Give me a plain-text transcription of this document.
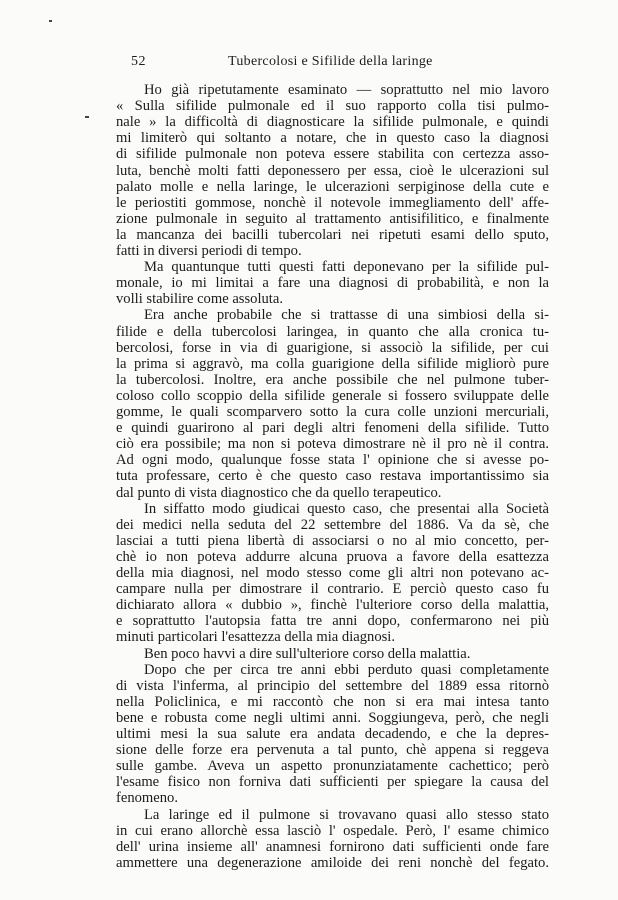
52	Tubercolosi e Sifilide della laringe
Ho già ripetutamente esaminato — soprattutto nel mio lavoro
« Sulla sifilide pulmonale ed il suo rapporto colla tisi pulmo-
nale » la difficoltà di diagnosticare la sifilide pulmonale, e quindi
mi limiterò qui soltanto a notare, che in questo caso la diagnosi
di sifilide pulmonale non poteva essere stabilita con certezza asso-
luta, benchè molti fatti deponessero per essa, cioè le ulcerazioni sul
palato molle e nella laringe, le ulcerazioni serpiginose della cute e
le periostiti gommose, nonchè il notevole immegliamento dell' affe-
zione pulmonale in seguito al trattamento antisifilitico, e finalmente
la mancanza dei bacilli tubercolari nei ripetuti esami dello sputo,
fatti in diversi periodi di tempo.
Ma quantunque tutti questi fatti deponevano per la sifilide pul-
monale, io mi limitai a fare una diagnosi di probabilità, e non la
volli stabilire come assoluta.
Era anche probabile che si trattasse di una simbiosi della si-
filide e della tubercolosi laringea, in quanto che alla cronica tu-
bercolosi, forse in via di guarigione, si associò la sifilide, per cui
la prima si aggravò, ma colla guarigione della sifilide migliorò pure
la tubercolosi. Inoltre, era anche possibile che nel pulmone tuber-
coloso collo scoppio della sifilide generale si fossero sviluppate delle
gomme, le quali scomparvero sotto la cura colle unzioni mercuriali,
e quindi guarirono al pari degli altri fenomeni della sifilide. Tutto
ciò era possibile; ma non si poteva dimostrare nè il pro nè il contra.
Ad ogni modo, qualunque fosse stata l' opinione che si avesse po-
tuta professare, certo è che questo caso restava importantissimo sia
dal punto di vista diagnostico che da quello terapeutico.
In siffatto modo giudicai questo caso, che presentai alla Società
dei medici nella seduta del 22 settembre del 1886. Va da sè, che
lasciai a tutti piena libertà di associarsi o no al mio concetto, per-
chè io non poteva addurre alcuna pruova a favore della esattezza
della mia diagnosi, nel modo stesso come gli altri non potevano ac-
campare nulla per dimostrare il contrario. E perciò questo caso fu
dichiarato allora « dubbio », finchè l'ulteriore corso della malattia,
e soprattutto l'autopsia fatta tre anni dopo, confermarono nei più
minuti particolari l'esattezza della mia diagnosi.
Ben poco havvi a dire sull'ulteriore corso della malattia.
Dopo che per circa tre anni ebbi perduto quasi completamente
di vista l'inferma, al principio del settembre del 1889 essa ritornò
nella Policlinica, e mi raccontò che non si era mai intesa tanto
bene e robusta come negli ultimi anni. Soggiungeva, però, che negli
ultimi mesi la sua salute era andata decadendo, e che la depres-
sione delle forze era pervenuta a tal punto, chè appena si reggeva
sulle gambe. Aveva un aspetto pronunziatamente cachettico; però
l'esame fisico non forniva dati sufficienti per spiegare la causa del
fenomeno.
La laringe ed il pulmone si trovavano quasi allo stesso stato
in cui erano allorchè essa lasciò l' ospedale. Però, l' esame chimico
dell' urina insieme all' anamnesi fornirono dati sufficienti onde fare
ammettere una degenerazione amiloide dei reni nonchè del fegato.
